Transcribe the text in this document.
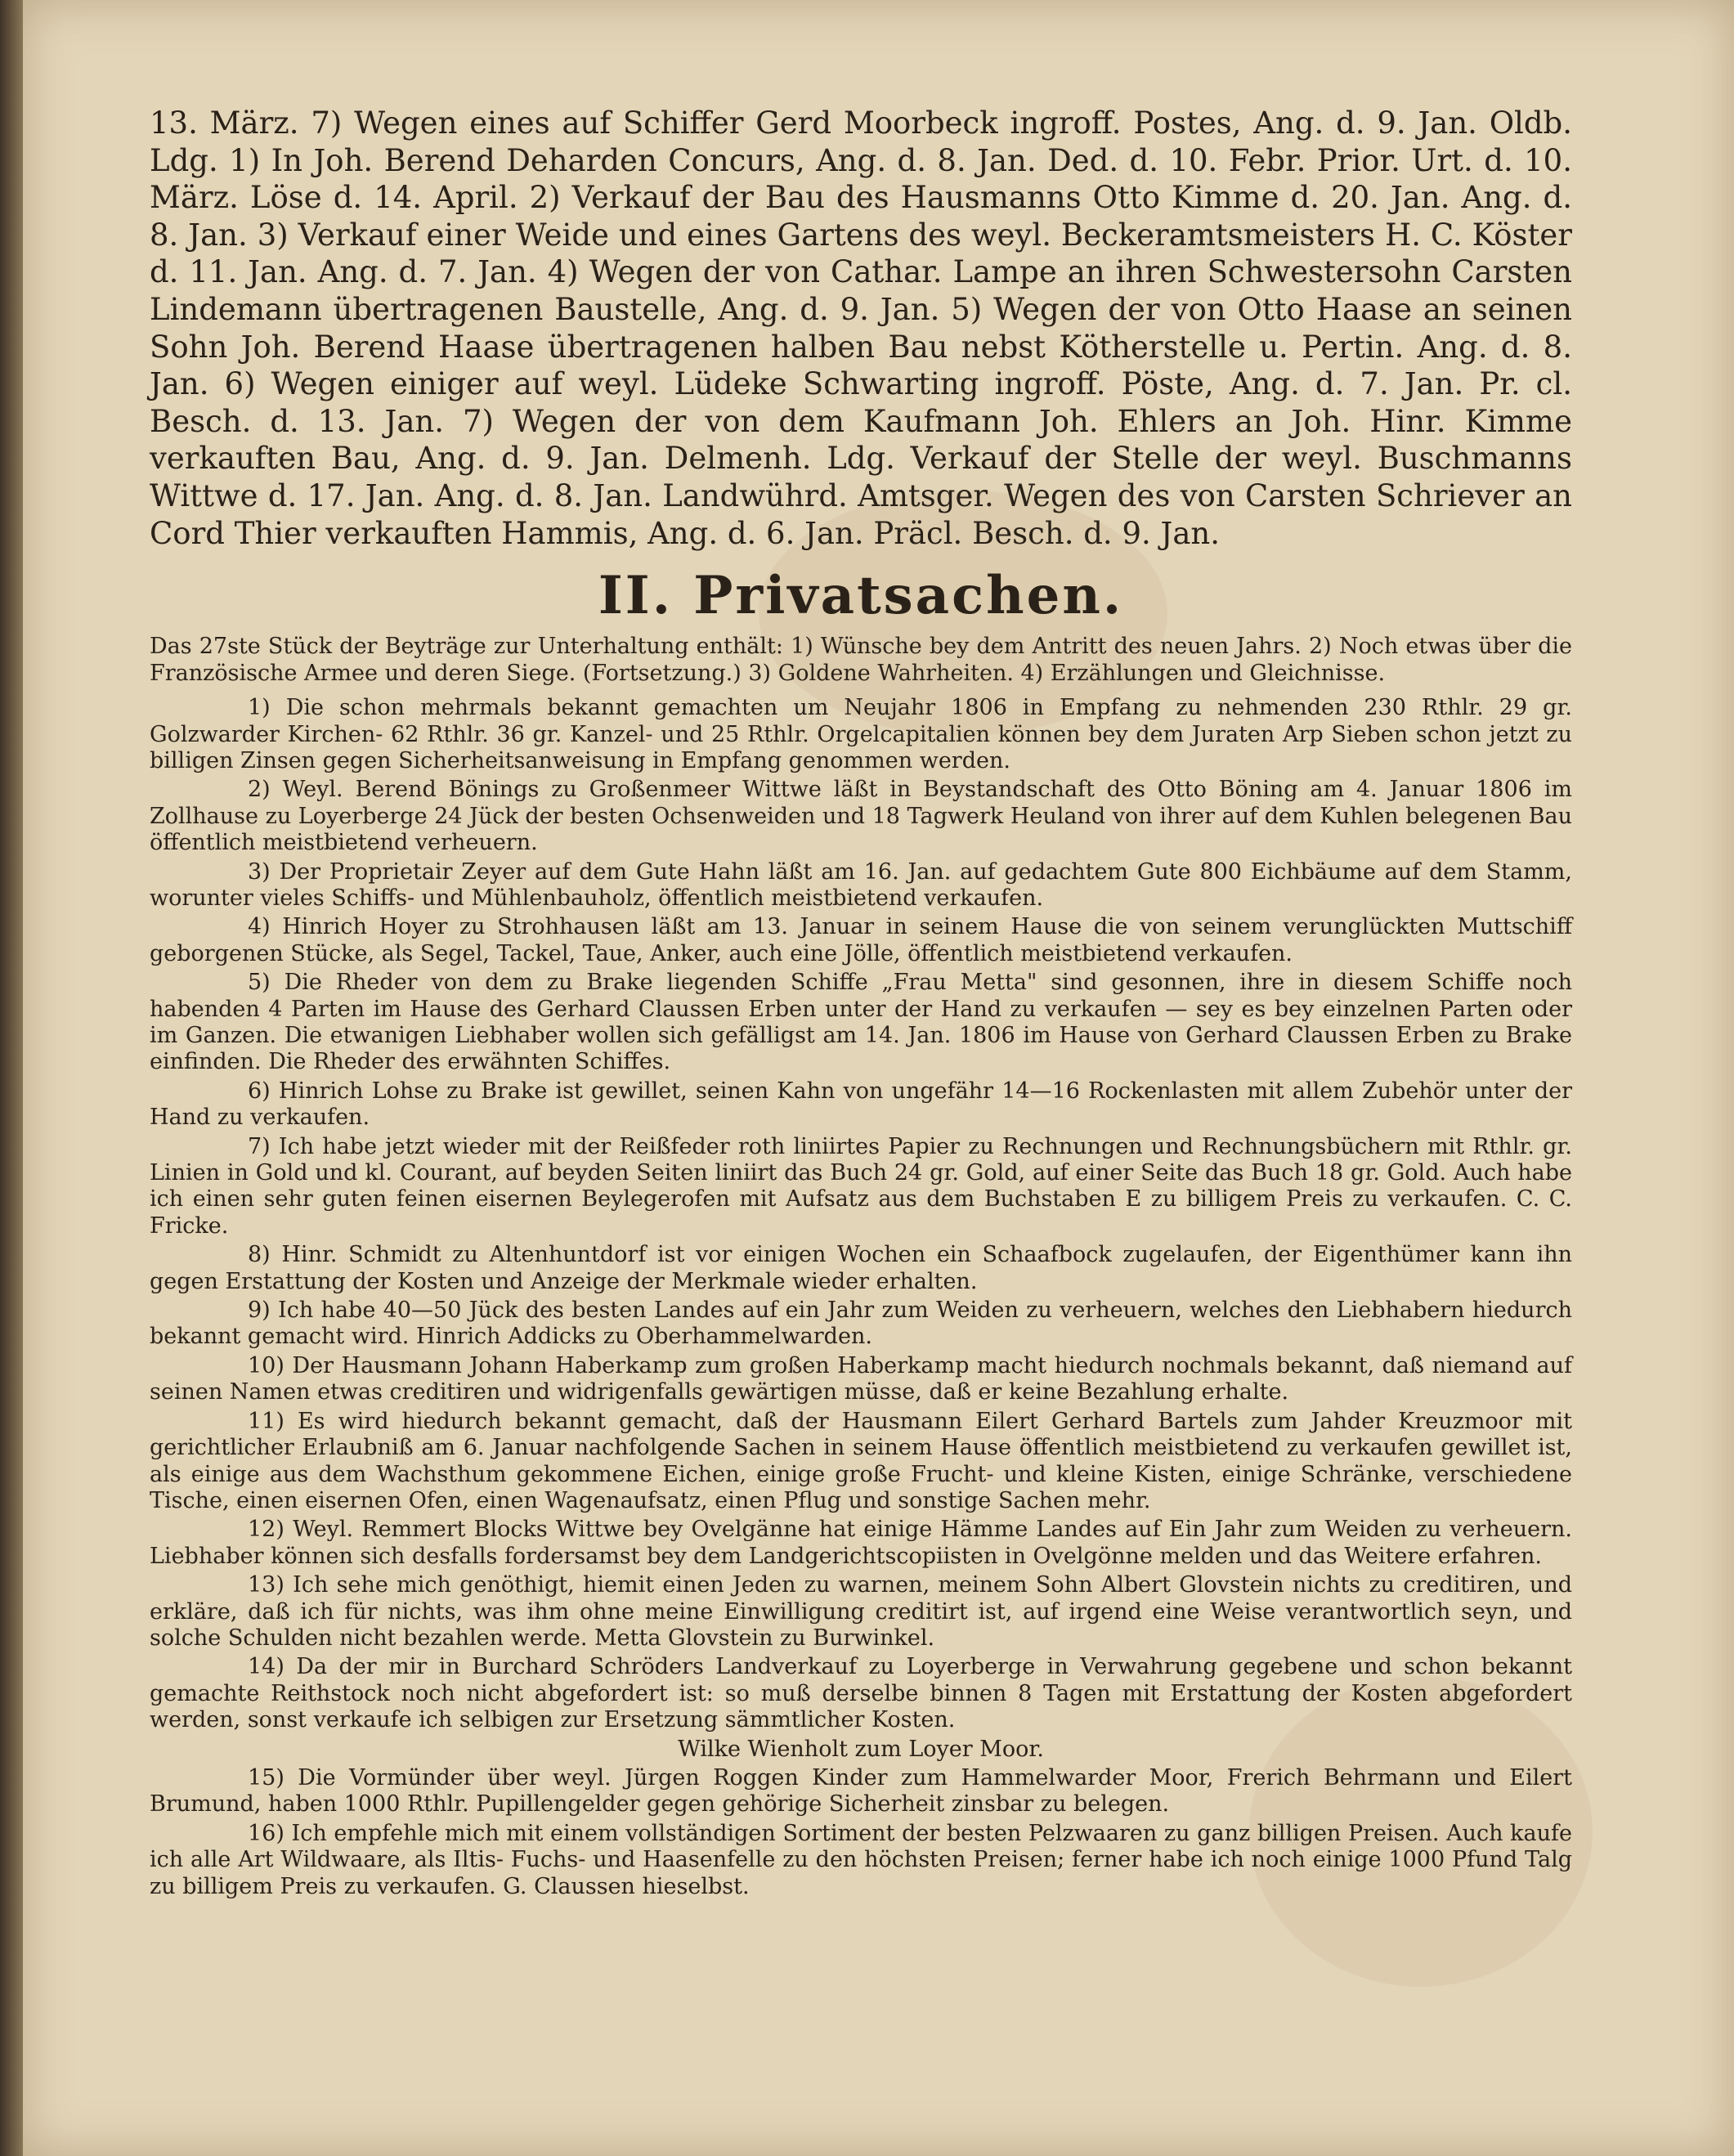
13. März. 7) Wegen eines auf Schiffer Gerd Moorbeck ingroff. Postes, Ang. d. 9. Jan. Oldb. Ldg. 1) In Joh. Berend Deharden Concurs, Ang. d. 8. Jan. Ded. d. 10. Febr. Prior. Urt. d. 10. März. Löse d. 14. April. 2) Verkauf der Bau des Hausmanns Otto Kimme d. 20. Jan. Ang. d. 8. Jan. 3) Verkauf einer Weide und eines Gartens des weyl. Beckeramtsmeisters H. C. Köster d. 11. Jan. Ang. d. 7. Jan. 4) Wegen der von Cathar. Lampe an ihren Schwestersohn Carsten Lindemann übertragenen Baustelle, Ang. d. 9. Jan. 5) Wegen der von Otto Haase an seinen Sohn Joh. Berend Haase übertragenen halben Bau nebst Kötherstelle u. Pertin. Ang. d. 8. Jan. 6) Wegen einiger auf weyl. Lüdeke Schwarting ingroff. Pöste, Ang. d. 7. Jan. Pr. cl. Besch. d. 13. Jan. 7) Wegen der von dem Kaufmann Joh. Ehlers an Joh. Hinr. Kimme verkauften Bau, Ang. d. 9. Jan. Delmenh. Ldg. Verkauf der Stelle der weyl. Buschmanns Wittwe d. 17. Jan. Ang. d. 8. Jan. Landwührd. Amtsger. Wegen des von Carsten Schriever an Cord Thier verkauften Hammis, Ang. d. 6. Jan. Präcl. Besch. d. 9. Jan.

II. Privatsachen.

Das 27ste Stück der Beyträge zur Unterhaltung enthält: 1) Wünsche bey dem Antritt des neuen Jahrs. 2) Noch etwas über die Französische Armee und deren Siege. (Fortsetzung.) 3) Goldene Wahrheiten. 4) Erzählungen und Gleichnisse.

1) Die schon mehrmals bekannt gemachten um Neujahr 1806 in Empfang zu nehmenden 230 Rthlr. 29 gr. Golzwarder Kirchen- 62 Rthlr. 36 gr. Kanzel- und 25 Rthlr. Orgelcapitalien können bey dem Juraten Arp Sieben schon jetzt zu billigen Zinsen gegen Sicherheitsanweisung in Empfang genommen werden.

2) Weyl. Berend Bönings zu Großenmeer Wittwe läßt in Beystandschaft des Otto Böning am 4. Januar 1806 im Zollhause zu Loyerberge 24 Jück der besten Ochsenweiden und 18 Tagwerk Heuland von ihrer auf dem Kuhlen belegenen Bau öffentlich meistbietend verheuern.

3) Der Proprietair Zeyer auf dem Gute Hahn läßt am 16. Jan. auf gedachtem Gute 800 Eichbäume auf dem Stamm, worunter vieles Schiffs- und Mühlenbauholz, öffentlich meistbietend verkaufen.

4) Hinrich Hoyer zu Strohhausen läßt am 13. Januar in seinem Hause die von seinem verunglückten Muttschiff geborgenen Stücke, als Segel, Tackel, Taue, Anker, auch eine Jölle, öffentlich meistbietend verkaufen.

5) Die Rheder von dem zu Brake liegenden Schiffe „Frau Metta" sind gesonnen, ihre in diesem Schiffe noch habenden 4 Parten im Hause des Gerhard Claussen Erben unter der Hand zu verkaufen — sey es bey einzelnen Parten oder im Ganzen. Die etwanigen Liebhaber wollen sich gefälligst am 14. Jan. 1806 im Hause von Gerhard Claussen Erben zu Brake einfinden. Die Rheder des erwähnten Schiffes.

6) Hinrich Lohse zu Brake ist gewillet, seinen Kahn von ungefähr 14—16 Rockenlasten mit allem Zubehör unter der Hand zu verkaufen.

7) Ich habe jetzt wieder mit der Reißfeder roth liniirtes Papier zu Rechnungen und Rechnungsbüchern mit Rthlr. gr. Linien in Gold und kl. Courant, auf beyden Seiten liniirt das Buch 24 gr. Gold, auf einer Seite das Buch 18 gr. Gold. Auch habe ich einen sehr guten feinen eisernen Beylegerofen mit Aufsatz aus dem Buchstaben E zu billigem Preis zu verkaufen. C. C. Fricke.

8) Hinr. Schmidt zu Altenhuntdorf ist vor einigen Wochen ein Schaafbock zugelaufen, der Eigenthümer kann ihn gegen Erstattung der Kosten und Anzeige der Merkmale wieder erhalten.

9) Ich habe 40—50 Jück des besten Landes auf ein Jahr zum Weiden zu verheuern, welches den Liebhabern hiedurch bekannt gemacht wird. Hinrich Addicks zu Oberhammelwarden.

10) Der Hausmann Johann Haberkamp zum großen Haberkamp macht hiedurch nochmals bekannt, daß niemand auf seinen Namen etwas creditiren und widrigenfalls gewärtigen müsse, daß er keine Bezahlung erhalte.

11) Es wird hiedurch bekannt gemacht, daß der Hausmann Eilert Gerhard Bartels zum Jahder Kreuzmoor mit gerichtlicher Erlaubniß am 6. Januar nachfolgende Sachen in seinem Hause öffentlich meistbietend zu verkaufen gewillet ist, als einige aus dem Wachsthum gekommene Eichen, einige große Frucht- und kleine Kisten, einige Schränke, verschiedene Tische, einen eisernen Ofen, einen Wagenaufsatz, einen Pflug und sonstige Sachen mehr.

12) Weyl. Remmert Blocks Wittwe bey Ovelgänne hat einige Hämme Landes auf Ein Jahr zum Weiden zu verheuern. Liebhaber können sich desfalls fordersamst bey dem Landgerichtscopiisten in Ovelgönne melden und das Weitere erfahren.

13) Ich sehe mich genöthigt, hiemit einen Jeden zu warnen, meinem Sohn Albert Glovstein nichts zu creditiren, und erkläre, daß ich für nichts, was ihm ohne meine Einwilligung creditirt ist, auf irgend eine Weise verantwortlich seyn, und solche Schulden nicht bezahlen werde. Metta Glovstein zu Burwinkel.

14) Da der mir in Burchard Schröders Landverkauf zu Loyerberge in Verwahrung gegebene und schon bekannt gemachte Reithstock noch nicht abgefordert ist: so muß derselbe binnen 8 Tagen mit Erstattung der Kosten abgefordert werden, sonst verkaufe ich selbigen zur Ersetzung sämmtlicher Kosten.

Wilke Wienholt zum Loyer Moor.

15) Die Vormünder über weyl. Jürgen Roggen Kinder zum Hammelwarder Moor, Frerich Behrmann und Eilert Brumund, haben 1000 Rthlr. Pupillengelder gegen gehörige Sicherheit zinsbar zu belegen.

16) Ich empfehle mich mit einem vollständigen Sortiment der besten Pelzwaaren zu ganz billigen Preisen. Auch kaufe ich alle Art Wildwaare, als Iltis- Fuchs- und Haasenfelle zu den höchsten Preisen; ferner habe ich noch einige 1000 Pfund Talg zu billigem Preis zu verkaufen. G. Claussen hieselbst.
